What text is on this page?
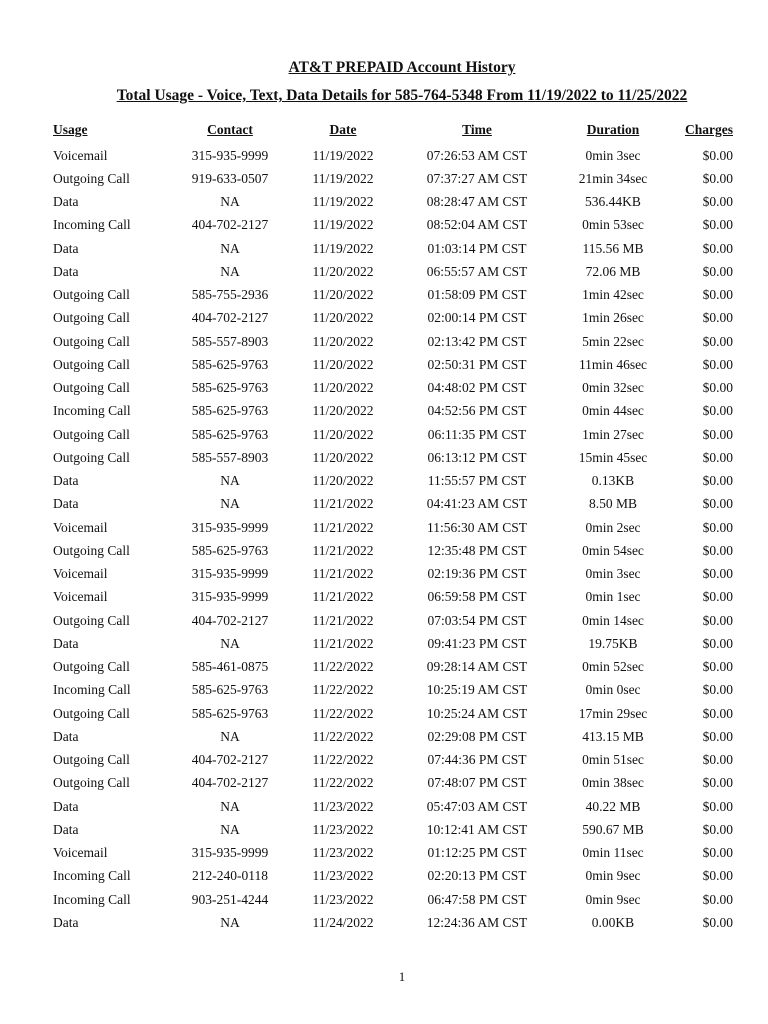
AT&T PREPAID Account History
Total Usage - Voice, Text, Data Details for 585-764-5348 From 11/19/2022 to 11/25/2022
Usage	Contact	Date	Time	Duration	Charges
Voicemail	315-935-9999	11/19/2022	07:26:53 AM CST	0min 3sec	$0.00
Outgoing Call	919-633-0507	11/19/2022	07:37:27 AM CST	21min 34sec	$0.00
Data	NA	11/19/2022	08:28:47 AM CST	536.44KB	$0.00
Incoming Call	404-702-2127	11/19/2022	08:52:04 AM CST	0min 53sec	$0.00
Data	NA	11/19/2022	01:03:14 PM CST	115.56 MB	$0.00
Data	NA	11/20/2022	06:55:57 AM CST	72.06 MB	$0.00
Outgoing Call	585-755-2936	11/20/2022	01:58:09 PM CST	1min 42sec	$0.00
Outgoing Call	404-702-2127	11/20/2022	02:00:14 PM CST	1min 26sec	$0.00
Outgoing Call	585-557-8903	11/20/2022	02:13:42 PM CST	5min 22sec	$0.00
Outgoing Call	585-625-9763	11/20/2022	02:50:31 PM CST	11min 46sec	$0.00
Outgoing Call	585-625-9763	11/20/2022	04:48:02 PM CST	0min 32sec	$0.00
Incoming Call	585-625-9763	11/20/2022	04:52:56 PM CST	0min 44sec	$0.00
Outgoing Call	585-625-9763	11/20/2022	06:11:35 PM CST	1min 27sec	$0.00
Outgoing Call	585-557-8903	11/20/2022	06:13:12 PM CST	15min 45sec	$0.00
Data	NA	11/20/2022	11:55:57 PM CST	0.13KB	$0.00
Data	NA	11/21/2022	04:41:23 AM CST	8.50 MB	$0.00
Voicemail	315-935-9999	11/21/2022	11:56:30 AM CST	0min 2sec	$0.00
Outgoing Call	585-625-9763	11/21/2022	12:35:48 PM CST	0min 54sec	$0.00
Voicemail	315-935-9999	11/21/2022	02:19:36 PM CST	0min 3sec	$0.00
Voicemail	315-935-9999	11/21/2022	06:59:58 PM CST	0min 1sec	$0.00
Outgoing Call	404-702-2127	11/21/2022	07:03:54 PM CST	0min 14sec	$0.00
Data	NA	11/21/2022	09:41:23 PM CST	19.75KB	$0.00
Outgoing Call	585-461-0875	11/22/2022	09:28:14 AM CST	0min 52sec	$0.00
Incoming Call	585-625-9763	11/22/2022	10:25:19 AM CST	0min 0sec	$0.00
Outgoing Call	585-625-9763	11/22/2022	10:25:24 AM CST	17min 29sec	$0.00
Data	NA	11/22/2022	02:29:08 PM CST	413.15 MB	$0.00
Outgoing Call	404-702-2127	11/22/2022	07:44:36 PM CST	0min 51sec	$0.00
Outgoing Call	404-702-2127	11/22/2022	07:48:07 PM CST	0min 38sec	$0.00
Data	NA	11/23/2022	05:47:03 AM CST	40.22 MB	$0.00
Data	NA	11/23/2022	10:12:41 AM CST	590.67 MB	$0.00
Voicemail	315-935-9999	11/23/2022	01:12:25 PM CST	0min 11sec	$0.00
Incoming Call	212-240-0118	11/23/2022	02:20:13 PM CST	0min 9sec	$0.00
Incoming Call	903-251-4244	11/23/2022	06:47:58 PM CST	0min 9sec	$0.00
Data	NA	11/24/2022	12:24:36 AM CST	0.00KB	$0.00
1
